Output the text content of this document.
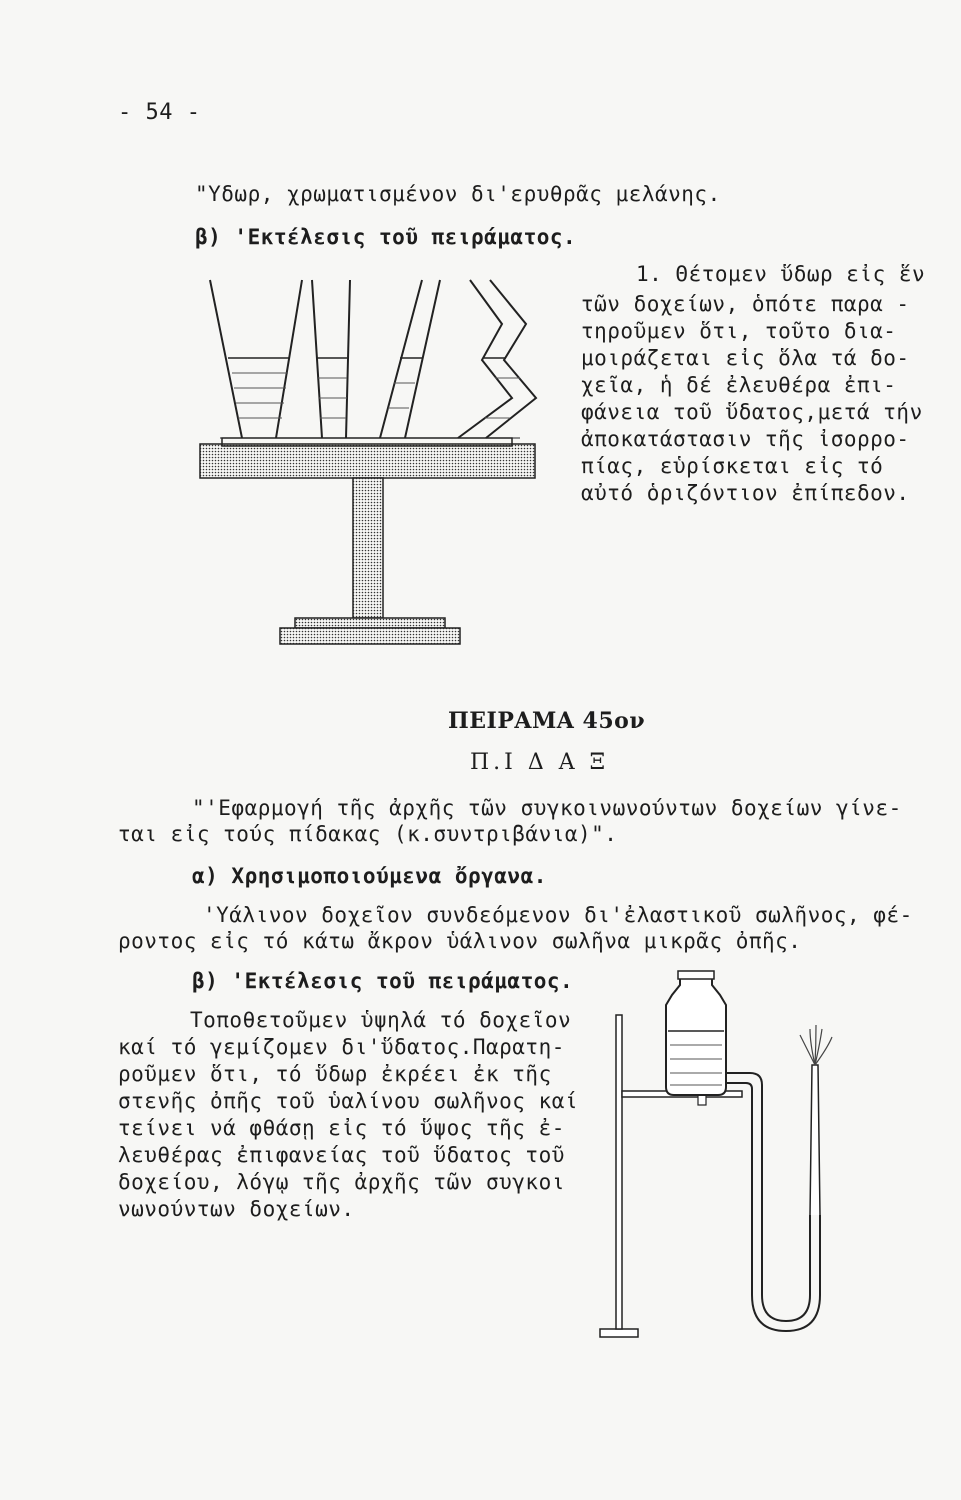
- 54 -
"Υδωρ, χρωματισμένον δι'ερυθρᾶς μελάνης.
β) 'Εκτέλεσις τοῦ πειράματος.
1. Θέτομεν ὕδωρ εἰς ἕν
τῶν δοχείων, ὁπότε παρα -
τηροῦμεν ὅτι, τοῦτο δια-
μοιράζεται εἰς ὅλα τά δο-
χεῖα, ἡ δέ ἐλευθέρα ἐπι-
φάνεια τοῦ ὕδατος,μετά τήν
ἀποκατάστασιν τῆς ἰσορρο-
πίας, εὑρίσκεται εἰς τό
αὐτό ὁριζόντιον ἐπίπεδον.
ΠΕΙΡΑΜΑ 45ον
Π.Ι Δ Α Ξ
"'Εφαρμογή τῆς ἀρχῆς τῶν συγκοινωνούντων δοχείων γίνε-
ται εἰς τούς πίδακας (κ.συντριβάνια)".
α) Χρησιμοποιούμενα ὄργανα.
'Υάλινον δοχεῖον συνδεόμενον δι'ἐλαστικοῦ σωλῆνος, φέ-
ροντος εἰς τό κάτω ἄκρον ὑάλινον σωλῆνα μικρᾶς ὀπῆς.
β) 'Εκτέλεσις τοῦ πειράματος.
Τοποθετοῦμεν ὑψηλά τό δοχεῖον
καί τό γεμίζομεν δι'ὕδατος.Παρατη-
ροῦμεν ὅτι, τό ὕδωρ ἐκρέει ἐκ τῆς
στενῆς ὀπῆς τοῦ ὑαλίνου σωλῆνος καί
τείνει νά φθάσῃ εἰς τό ὕψος τῆς ἐ-
λευθέρας ἐπιφανείας τοῦ ὕδατος τοῦ
δοχείου, λόγῳ τῆς ἀρχῆς τῶν συγκοι
νωνούντων δοχείων.
